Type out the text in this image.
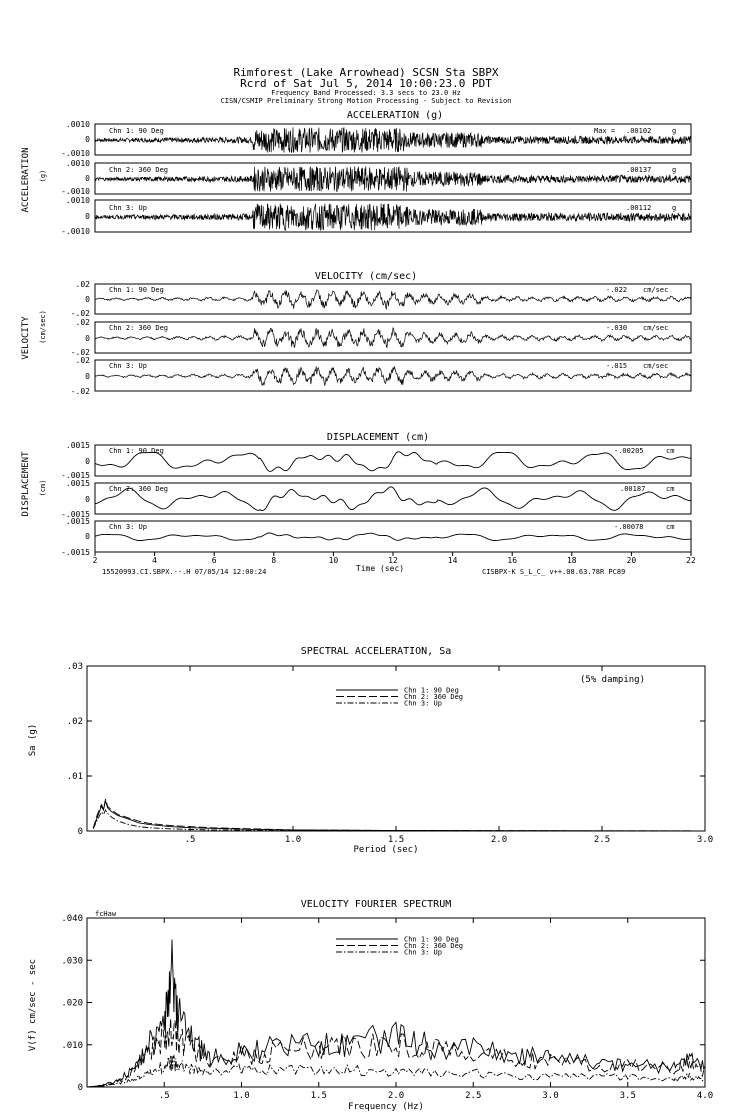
Rimforest (Lake Arrowhead) SCSN Sta SBPX
Rcrd of Sat Jul 5, 2014 10:00:23.0 PDT
Frequency Band Processed: 3.3 secs to 23.0 Hz
CISN/CSMIP Preliminary Strong Motion Processing - Subject to Revision
ACCELERATION (g)
ACCELERATION (g)
.0010
0
Chn 1: 90 Deg	Max = .00102	g
-.0010
.0010
0
Chn 2: 360 Deg	.00137	g
-.0010
.0010
0
-.0010
Chn 3: Up	.00112	g
VELOCITY (cm/sec)
VELOCITY (cm/sec)
.02
0
Chn 1: 90 Deg	-.022 cm/sec
-.02
.02
0
Chn 2: 360 Deg	-.030 cm/sec
-.02
.02
0
-.02
Chn 3: Up	-.015 cm/sec
DISPLACEMENT (cm)
DISPLACEMENT (cm)
.0015
0
Chn 1: 90 Deg	-.00205	cm
-.0015
.0015
0
Chn 2: 360 Deg	.00187	cm
-.0015
.0015
0
-.0015
Chn 3: Up	-.00078	cm
2	4	6	8	10	12	14	16	18	20	22
Time (sec)
15520993.CI.SBPX.--.H 07/05/14 12:00:24	CISBPX-K S_L_C_ v++.08.63.78R PC89
SPECTRAL ACCELERATION, Sa
.5	1.0	1.5	2.0	2.5	3.0
0
.01
.02
.03
Sa (g)
Period (sec)
(5% damping)
Chn 1: 90 Deg
Chn 2: 360 Deg
Chn 3: Up
VELOCITY FOURIER SPECTRUM
fcHaw
.5	1.0	1.5	2.0	2.5	3.0	3.5	4.0
0
.010
.020
.030
.040
V(f) cm/sec - sec
Frequency (Hz)
Chn 1: 90 Deg
Chn 2: 360 Deg
Chn 3: Up
